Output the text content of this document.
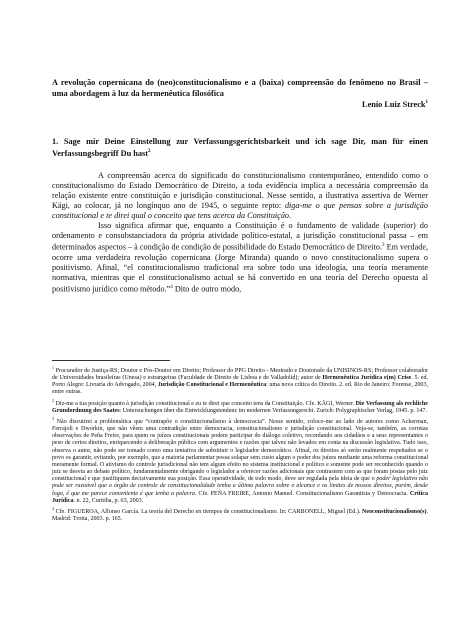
A revolução copernicana do (neo)constitucionalismo e a (baixa) compreensão do fenômeno no Brasil – uma abordagem à luz da hermenêutica filosófica
Lenio Luiz Streck$^1$
1. Sage mir Deine Einstellung zur Verfassungsgerichtsbarkeit und ich sage Dir, man für einen Verfassungsbegriff Du hast$^2$

A compreensão acerca do significado do constitucionalismo contemporâneo, entendido como o constitucionalismo do Estado Democrático de Direito, a toda evidência implica a necessária compreensão da relação existente entre constituição e jurisdição constitucional. Nesse sentido, a ilustrativa assertiva de Werner Kägi, ao colocar, já no longínquo ano de 1945, o seguinte repto: diga-me o que pensas sobre a jurisdição constitucional e te direi qual o conceito que tens acerca da Constituição.

Isso significa afirmar que, enquanto a Constituição é o fundamento de validade (superior) do ordenamento e consubstanciadora da própria atividade político-estatal, a jurisdição constitucional passa – em determinados aspectos – à condição de condição de possibilidade do Estado Democrático de Direito.$^3$ Em verdade, ocorre uma verdadeira revolução copernicana (Jorge Miranda) quando o novo constitucionalismo supera o positivismo. Afinal, “el constitucionalismo tradicional era sobre todo una ideología, una teoría meramente normativa, mientras que el constitucionalismo actual se há convertido en una teoría del Derecho opuesta al positivismo jurídico como método.”$^4$ Dito de outro modo,

$^1$ Procurador de Justiça-RS; Doutor e Pós-Doutor em Direito; Professor do PPG Direito - Mestrado e Doutorado da UNISINOS-RS; Professor colaborador de Universidades brasileiras (Unesa) e estrangeiras (Faculdade de Direito de Lisboa e de Valladolid); autor de Hermenêutica Jurídica e(m) Crise. 5. ed. Porto Alegre: Livraria do Advogado, 2004, Jurisdição Constitucional e Hermenêutica: uma nova crítica do Direito. 2. ed. Rio de Janeiro: Forense, 2003, entre outras.

$^2$ Diz-me a tua posição quanto à jurisdição constitucional e eu te direi que conceito tens da Constituição. Cfe. KÄGI, Werner. Die Verfassung als rechliche Grundordnung des Saates: Untersuchungen über die Entwicklungstendenz im modernen Verfassungsrecht. Zurich: Polygraphischer Verlag, 1945. p. 147.

$^3$ Não discutirei a problemática que “contrapõe o constitucionalismo à democracia”. Nesse sentido, coloco-me ao lado de autores como Ackerman, Ferrajoli e Dworkin, que não vêem uma contradição entre democracia, constitucionalismo e jurisdição constitucional. Veja-se, também, as corretas observações de Peña Freire, para quem os juízes constitucionais podem participar do diálogo coletivo, recordando aos cidadãos e a seus representantes o peso de certos direitos, enriquecendo a deliberação pública com argumentos e razões que talvez não levados em conta na discussão legislativa. Tudo isso, observa o autor, não pode ser tomado como uma tentativa de substituir o legislador democrático. Afinal, os direitos só serão realmente respeitados se o povo os garantir, evitando, por exemplo, que a maioria parlamentar possa solapar sem custo algum o poder dos juízes mediante uma reforma constitucional meramente formal. O ativismo do controle jurisdicional não tem algum efeito no sistema institucional e político e somente pode ser reconhecido quando o juiz se desvia ao debate político, fundamentalmente obrigando o legislador a oferecer razões adicionais que contrastem com as que foram postas pelo juiz constitucional e que justifiquem decisivamente sua posição. Essa operatividade, de todo modo, deve ser regulada pela ideia de que o poder legislativo não pode ser razoável que o órgão de controle de constitucionalidade tenha a última palavra sobre o alcance e os limites de nossos direitos, porém, desde logo, é que me parece conveniente é que tenha a palavra. Cfe. PEÑA FREIRE, Antonio Manuel. Constitucionalismo Garantista y Democracia. Crítica Jurídica. n. 22, Curitiba, p. 63, 2003.

$^4$ Cfe. FIGUEROA, Alfonso García. La teoría del Derecho en tiempos de constitucionalismo. In: CARBONELL, Miguel (Ed.). Neoconstitucionalismo(s). Madrid: Trotta, 2003. p. 165.
